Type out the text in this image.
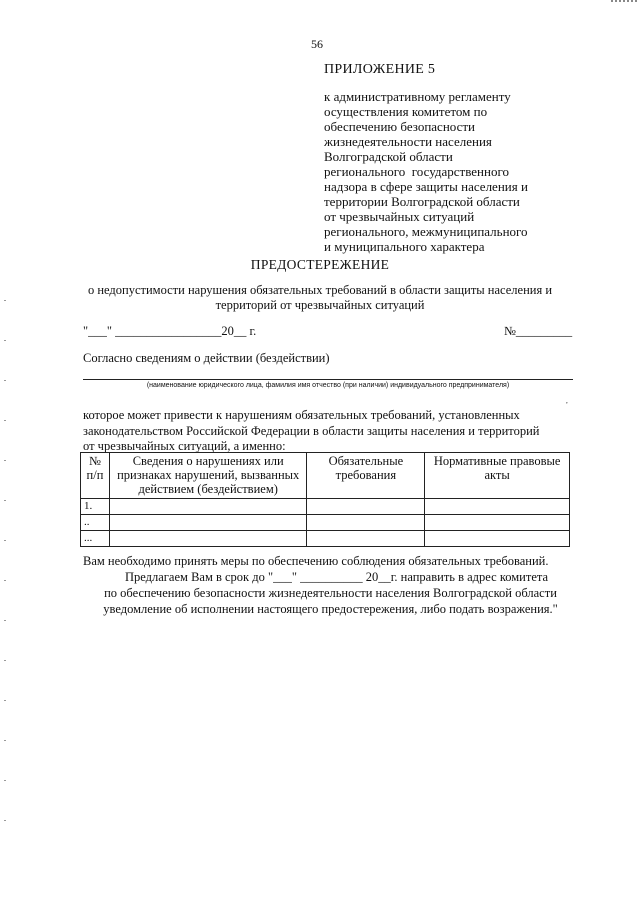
56
ПРИЛОЖЕНИЕ 5
к административному регламенту
осуществления комитетом по
обеспечению безопасности
жизнедеятельности населения
Волгоградской области
регионального  государственного
надзора в сфере защиты населения и
территории Волгоградской области
от чрезвычайных ситуаций
регионального, межмуниципального
и муниципального характера
ПРЕДОСТЕРЕЖЕНИЕ
о недопустимости нарушения обязательных требований в области защиты населения и
территорий от чрезвычайных ситуаций
"___" _________________20__ г.	№_________
Согласно сведениям о действии (бездействии)
(наименование юридического лица, фамилия имя отчество (при наличии) индивидуального предпринимателя)
,
которое может привести к нарушениям обязательных требований, установленных
законодательством Российской Федерации в области защиты населения и территорий
от чрезвычайных ситуаций, а именно:
№ п/п	Сведения о нарушениях или признаках нарушений, вызванных действием (бездействием)	Обязательные требования	Нормативные правовые акты
1.			
..			
...			
Вам необходимо принять меры по обеспечению соблюдения обязательных требований.
Предлагаем Вам в срок до "___" __________ 20__г. направить в адрес комитета
по обеспечению безопасности жизнедеятельности населения Волгоградской области
уведомление об исполнении настоящего предостережения, либо подать возражения."
